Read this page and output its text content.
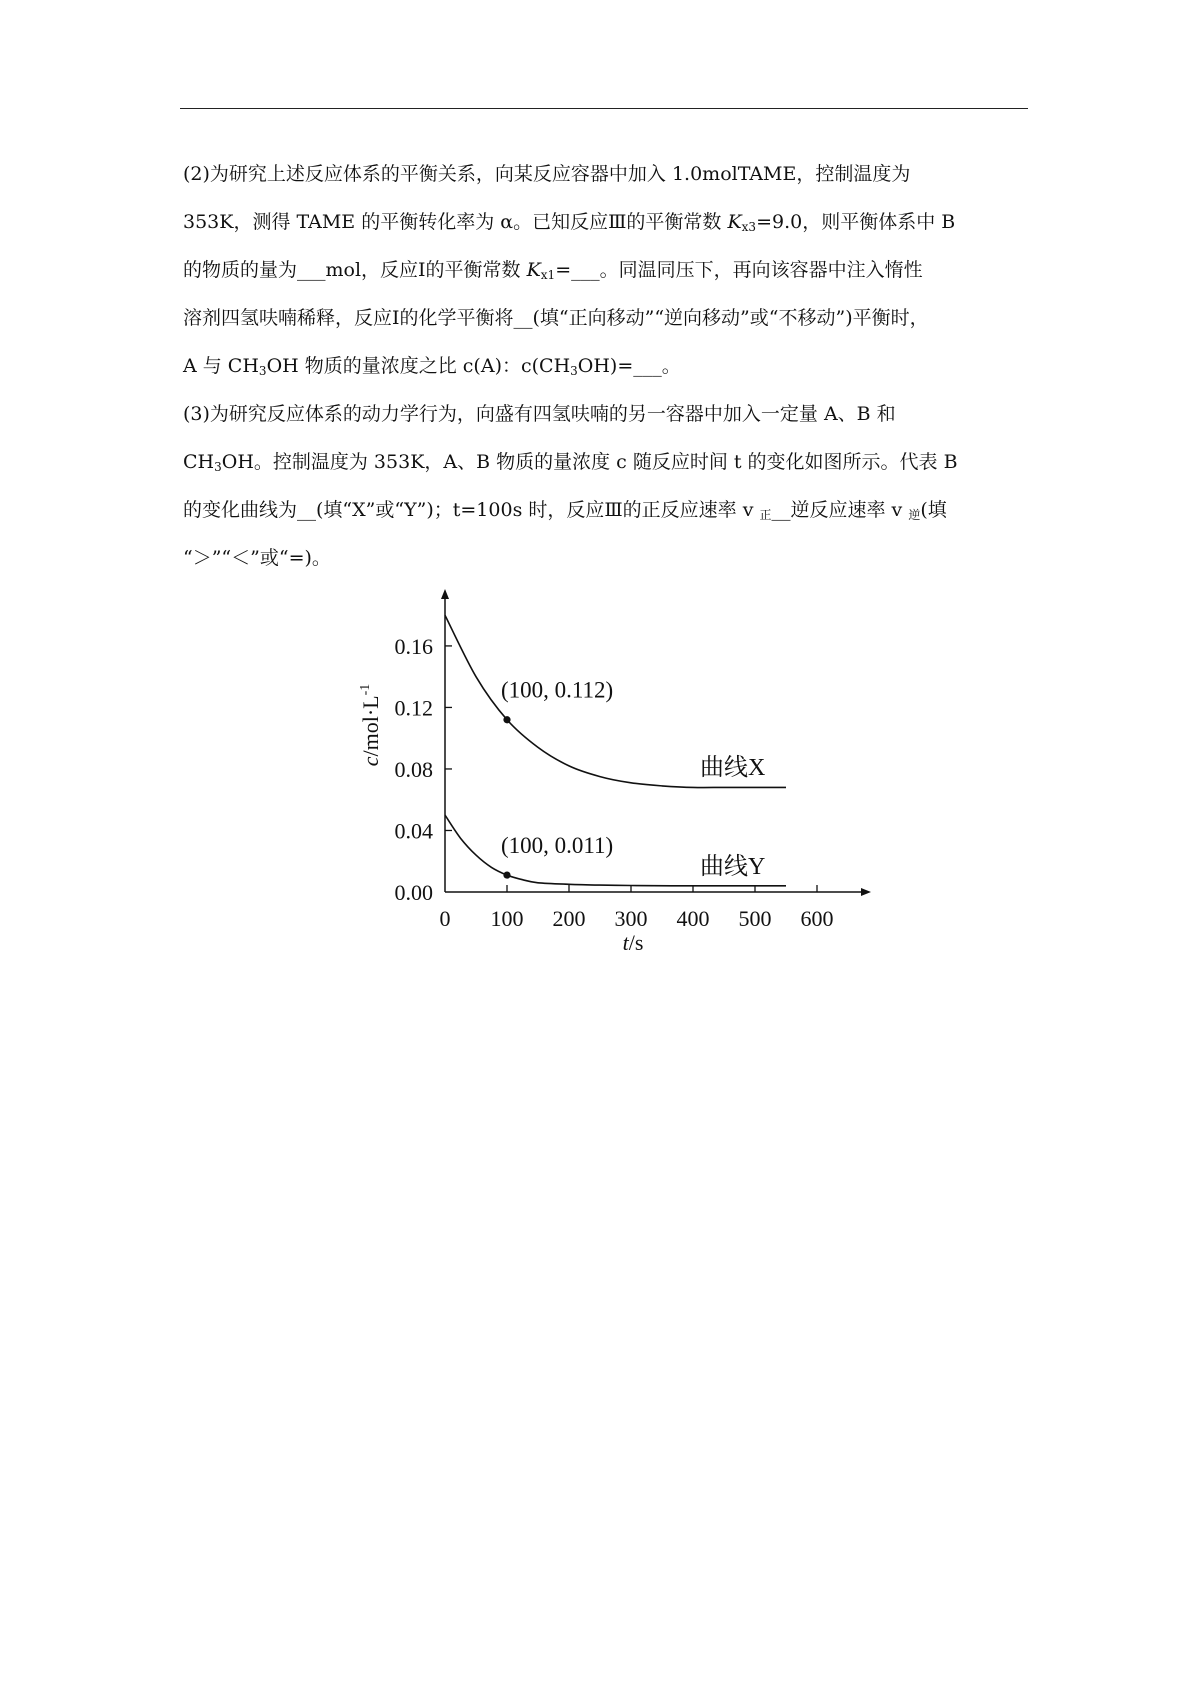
(2)为研究上述反应体系的平衡关系，向某反应容器中加入 1.0molTAME，控制温度为
353K，测得 TAME 的平衡转化率为 α。已知反应Ⅲ的平衡常数 $K_{x3}=9.0$，则平衡体系中 B
的物质的量为___mol，反应Ⅰ的平衡常数 $K_{x1}=\_\_\_$。同温同压下，再向该容器中注入惰性
溶剂四氢呋喃稀释，反应Ⅰ的化学平衡将__(填“正向移动”“逆向移动”或“不移动”)平衡时，
A 与 $CH_3OH$ 物质的量浓度之比 c(A)：$c(CH_3OH)=\_\_\_$。
(3)为研究反应体系的动力学行为，向盛有四氢呋喃的另一容器中加入一定量 A、B 和
$CH_3OH$。控制温度为 353K，A、B 物质的量浓度 c 随反应时间 t 的变化如图所示。代表 B
的变化曲线为__(填“X”或“Y”)；t=100s 时，反应Ⅲ的正反应速率 v $_正$__逆反应速率 v $_逆$(填
“＞”“＜”或“=)。
0 100 200 300 400 500 600
0.00
0.04
0.08
0.12
0.16
曲线X
曲线Y
(100, 0.112)
(100, 0.011)
t/s
$c/mol\cdot L^{-1}$
